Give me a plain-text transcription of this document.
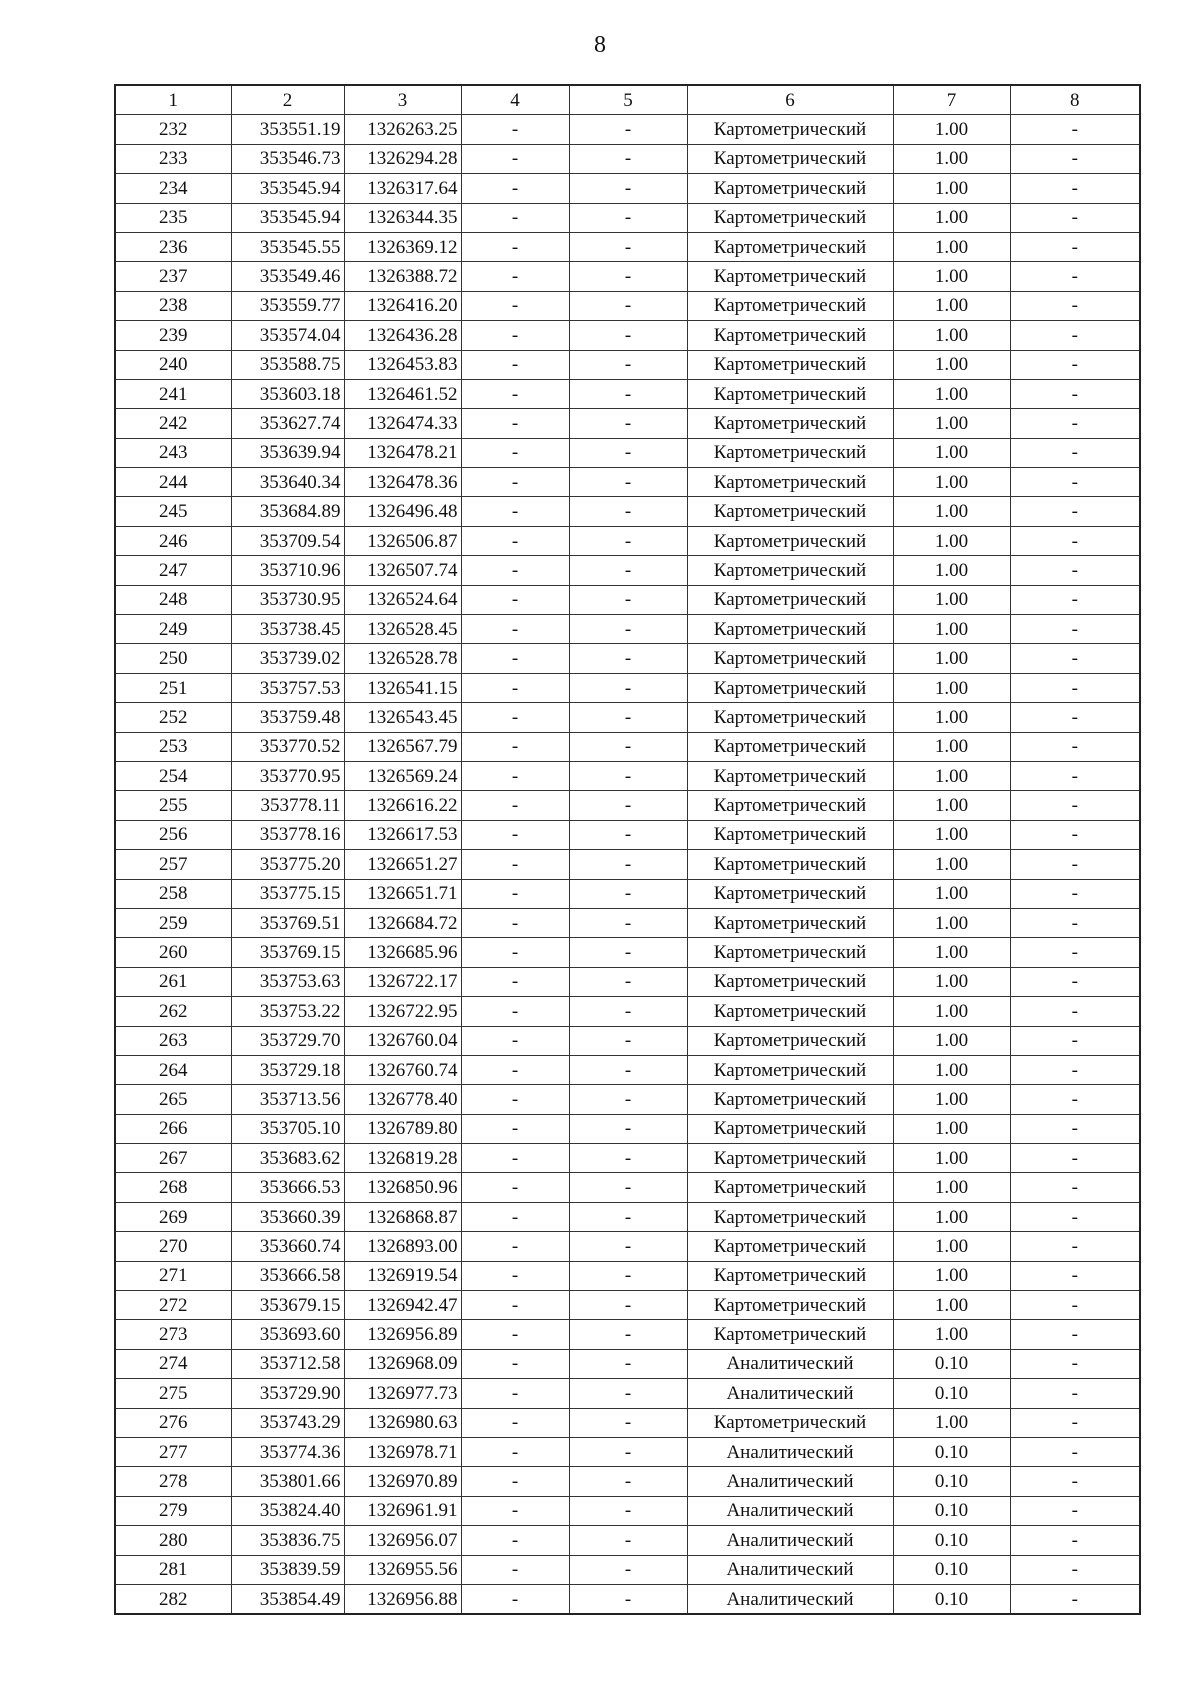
8
1	2	3	4	5	6	7	8
232	353551.19	1326263.25	-	-	Картометрический	1.00	-
233	353546.73	1326294.28	-	-	Картометрический	1.00	-
234	353545.94	1326317.64	-	-	Картометрический	1.00	-
235	353545.94	1326344.35	-	-	Картометрический	1.00	-
236	353545.55	1326369.12	-	-	Картометрический	1.00	-
237	353549.46	1326388.72	-	-	Картометрический	1.00	-
238	353559.77	1326416.20	-	-	Картометрический	1.00	-
239	353574.04	1326436.28	-	-	Картометрический	1.00	-
240	353588.75	1326453.83	-	-	Картометрический	1.00	-
241	353603.18	1326461.52	-	-	Картометрический	1.00	-
242	353627.74	1326474.33	-	-	Картометрический	1.00	-
243	353639.94	1326478.21	-	-	Картометрический	1.00	-
244	353640.34	1326478.36	-	-	Картометрический	1.00	-
245	353684.89	1326496.48	-	-	Картометрический	1.00	-
246	353709.54	1326506.87	-	-	Картометрический	1.00	-
247	353710.96	1326507.74	-	-	Картометрический	1.00	-
248	353730.95	1326524.64	-	-	Картометрический	1.00	-
249	353738.45	1326528.45	-	-	Картометрический	1.00	-
250	353739.02	1326528.78	-	-	Картометрический	1.00	-
251	353757.53	1326541.15	-	-	Картометрический	1.00	-
252	353759.48	1326543.45	-	-	Картометрический	1.00	-
253	353770.52	1326567.79	-	-	Картометрический	1.00	-
254	353770.95	1326569.24	-	-	Картометрический	1.00	-
255	353778.11	1326616.22	-	-	Картометрический	1.00	-
256	353778.16	1326617.53	-	-	Картометрический	1.00	-
257	353775.20	1326651.27	-	-	Картометрический	1.00	-
258	353775.15	1326651.71	-	-	Картометрический	1.00	-
259	353769.51	1326684.72	-	-	Картометрический	1.00	-
260	353769.15	1326685.96	-	-	Картометрический	1.00	-
261	353753.63	1326722.17	-	-	Картометрический	1.00	-
262	353753.22	1326722.95	-	-	Картометрический	1.00	-
263	353729.70	1326760.04	-	-	Картометрический	1.00	-
264	353729.18	1326760.74	-	-	Картометрический	1.00	-
265	353713.56	1326778.40	-	-	Картометрический	1.00	-
266	353705.10	1326789.80	-	-	Картометрический	1.00	-
267	353683.62	1326819.28	-	-	Картометрический	1.00	-
268	353666.53	1326850.96	-	-	Картометрический	1.00	-
269	353660.39	1326868.87	-	-	Картометрический	1.00	-
270	353660.74	1326893.00	-	-	Картометрический	1.00	-
271	353666.58	1326919.54	-	-	Картометрический	1.00	-
272	353679.15	1326942.47	-	-	Картометрический	1.00	-
273	353693.60	1326956.89	-	-	Картометрический	1.00	-
274	353712.58	1326968.09	-	-	Аналитический	0.10	-
275	353729.90	1326977.73	-	-	Аналитический	0.10	-
276	353743.29	1326980.63	-	-	Картометрический	1.00	-
277	353774.36	1326978.71	-	-	Аналитический	0.10	-
278	353801.66	1326970.89	-	-	Аналитический	0.10	-
279	353824.40	1326961.91	-	-	Аналитический	0.10	-
280	353836.75	1326956.07	-	-	Аналитический	0.10	-
281	353839.59	1326955.56	-	-	Аналитический	0.10	-
282	353854.49	1326956.88	-	-	Аналитический	0.10	-
